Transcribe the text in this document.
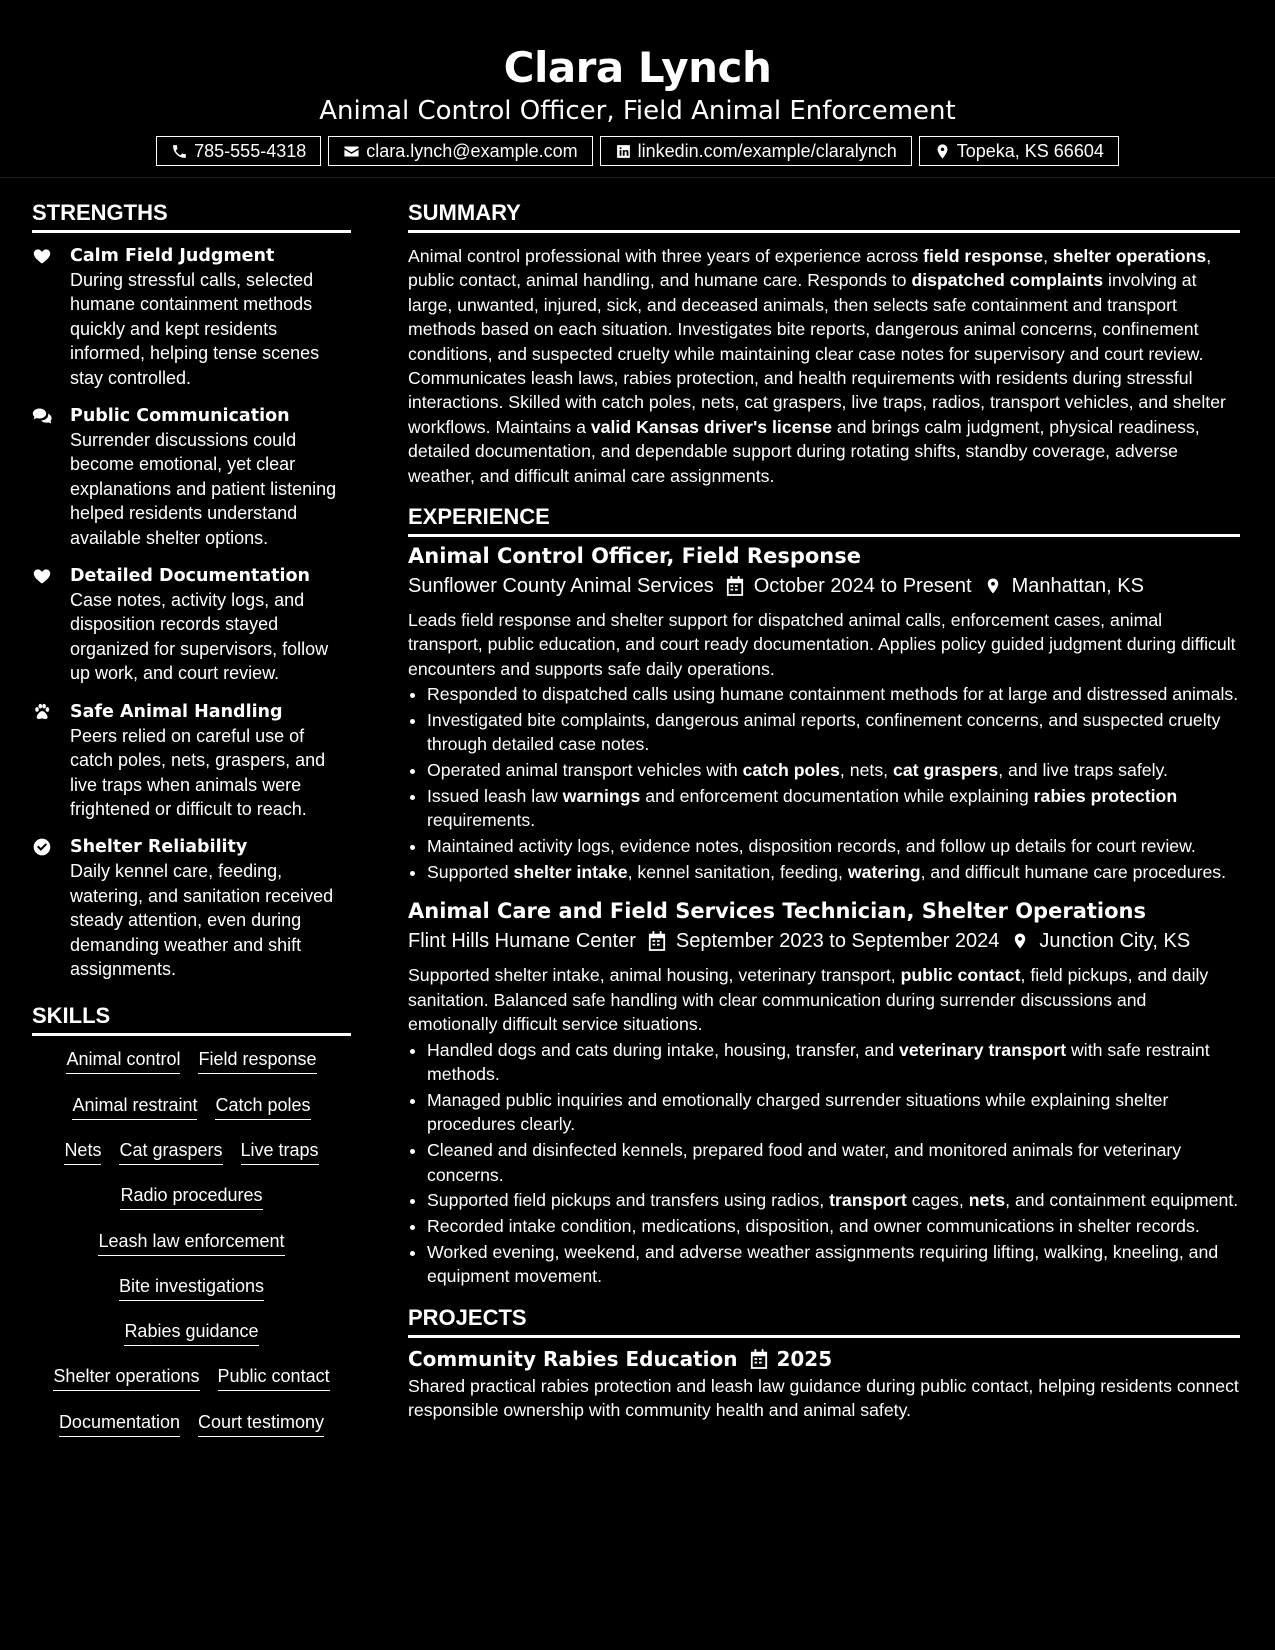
Clara Lynch
Animal Control Officer, Field Animal Enforcement
785-555-4318	clara.lynch@example.com	linkedin.com/example/claralynch	Topeka, KS 66604
STRENGTHS
Calm Field Judgment
During stressful calls, selected humane containment methods quickly and kept residents informed, helping tense scenes stay controlled.
Public Communication
Surrender discussions could become emotional, yet clear explanations and patient listening helped residents understand available shelter options.
Detailed Documentation
Case notes, activity logs, and disposition records stayed organized for supervisors, follow up work, and court review.
Safe Animal Handling
Peers relied on careful use of catch poles, nets, graspers, and live traps when animals were frightened or difficult to reach.
Shelter Reliability
Daily kennel care, feeding, watering, and sanitation received steady attention, even during demanding weather and shift assignments.
SKILLS
Animal control Field response
Animal restraint Catch poles
Nets Cat graspers Live traps
Radio procedures
Leash law enforcement
Bite investigations
Rabies guidance
Shelter operations Public contact
Documentation Court testimony
SUMMARY
Animal control professional with three years of experience across field response, shelter operations, public contact, animal handling, and humane care. Responds to dispatched complaints involving at large, unwanted, injured, sick, and deceased animals, then selects safe containment and transport methods based on each situation. Investigates bite reports, dangerous animal concerns, confinement conditions, and suspected cruelty while maintaining clear case notes for supervisory and court review. Communicates leash laws, rabies protection, and health requirements with residents during stressful interactions. Skilled with catch poles, nets, cat graspers, live traps, radios, transport vehicles, and shelter workflows. Maintains a valid Kansas driver's license and brings calm judgment, physical readiness, detailed documentation, and dependable support during rotating shifts, standby coverage, adverse weather, and difficult animal care assignments.
EXPERIENCE
Animal Control Officer, Field Response
Sunflower County Animal Services October 2024 to Present Manhattan, KS
Leads field response and shelter support for dispatched animal calls, enforcement cases, animal transport, public education, and court ready documentation. Applies policy guided judgment during difficult encounters and supports safe daily operations.
• Responded to dispatched calls using humane containment methods for at large and distressed animals.
• Investigated bite complaints, dangerous animal reports, confinement concerns, and suspected cruelty through detailed case notes.
• Operated animal transport vehicles with catch poles, nets, cat graspers, and live traps safely.
• Issued leash law warnings and enforcement documentation while explaining rabies protection requirements.
• Maintained activity logs, evidence notes, disposition records, and follow up details for court review.
• Supported shelter intake, kennel sanitation, feeding, watering, and difficult humane care procedures.
Animal Care and Field Services Technician, Shelter Operations
Flint Hills Humane Center September 2023 to September 2024 Junction City, KS
Supported shelter intake, animal housing, veterinary transport, public contact, field pickups, and daily sanitation. Balanced safe handling with clear communication during surrender discussions and emotionally difficult service situations.
• Handled dogs and cats during intake, housing, transfer, and veterinary transport with safe restraint methods.
• Managed public inquiries and emotionally charged surrender situations while explaining shelter procedures clearly.
• Cleaned and disinfected kennels, prepared food and water, and monitored animals for veterinary concerns.
• Supported field pickups and transfers using radios, transport cages, nets, and containment equipment.
• Recorded intake condition, medications, disposition, and owner communications in shelter records.
• Worked evening, weekend, and adverse weather assignments requiring lifting, walking, kneeling, and equipment movement.
PROJECTS
Community Rabies Education 2025
Shared practical rabies protection and leash law guidance during public contact, helping residents connect responsible ownership with community health and animal safety.
